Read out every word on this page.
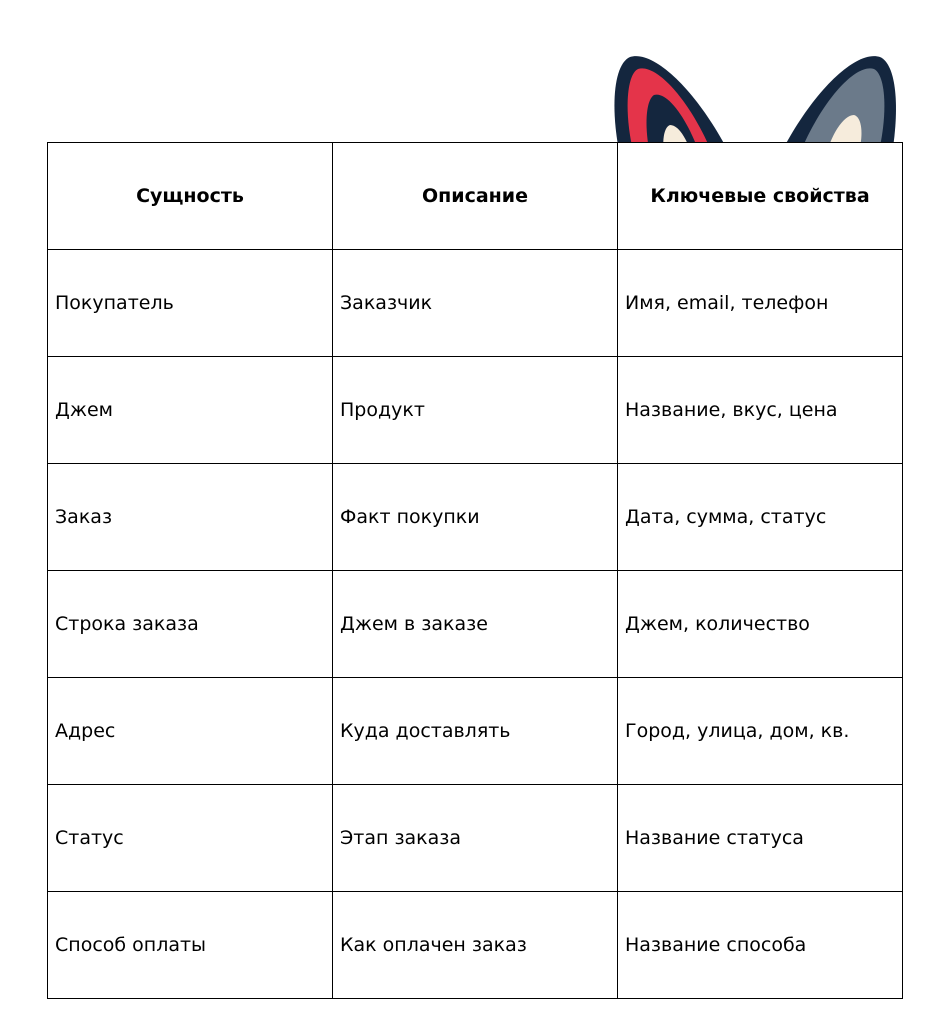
Сущность	Описание	Ключевые свойства
Покупатель	Заказчик	Имя, email, телефон
Джем	Продукт	Название, вкус, цена
Заказ	Факт покупки	Дата, сумма, статус
Строка заказа	Джем в заказе	Джем, количество
Адрес	Куда доставлять	Город, улица, дом, кв.
Статус	Этап заказа	Название статуса
Способ оплаты	Как оплачен заказ	Название способа
